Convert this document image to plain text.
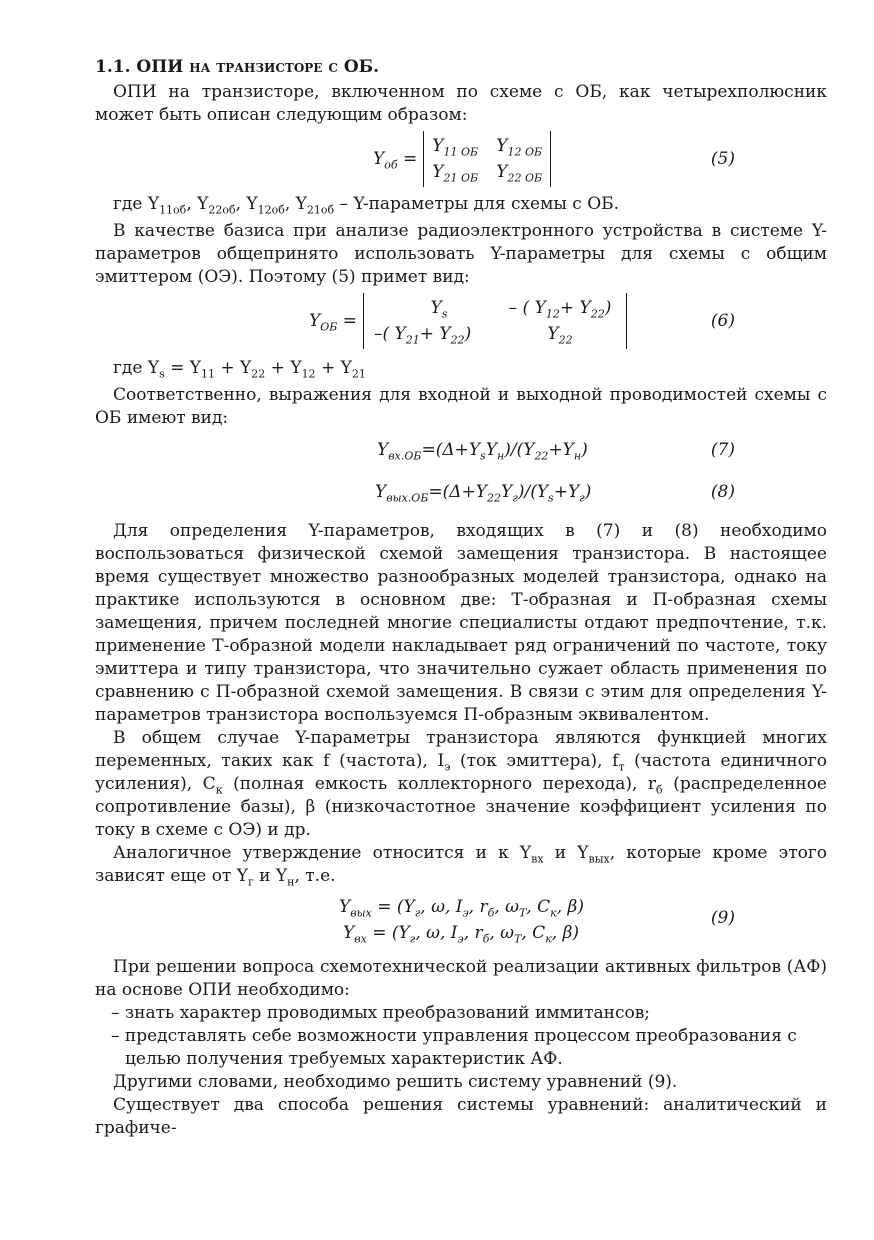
1.1. ОПИ на транзисторе с ОБ.

ОПИ на транзисторе, включенном по схеме с ОБ, как четырехполюсник может быть описан следующим образом:

$Y_{об}$ =
$Y_{11 ОБ}$	$Y_{12 ОБ}$
$Y_{21 ОБ}$	$Y_{22 ОБ}$
(5)

где $Y_{11об}$, $Y_{22об}$, $Y_{12об}$, $Y_{21об}$ – Y-параметры для схемы с ОБ.

В качестве базиса при анализе радиоэлектронного устройства в системе Y-параметров общепринято использовать Y-параметры для схемы с общим эмиттером (ОЭ). Поэтому (5) примет вид:

$Y_{ОБ}$ =
$Y_s$	– ( $Y_{12}+ Y_{22}$)
–( $Y_{21}+ Y_{22}$)	$Y_{22}$
(6)

где $Y_s = Y_{11} + Y_{22} + Y_{12} + Y_{21}$

Соответственно, выражения для входной и выходной проводимостей схемы с ОБ имеют вид:

$Y_{вх.ОБ}=(\Delta+Y_sY_н)/(Y_{22}+Y_н)$	(7)
$Y_{вых.ОБ}=(\Delta+Y_{22}Y_г)/(Y_s+Y_г)$	(8)

Для определения Y-параметров, входящих в (7) и (8) необходимо воспользоваться физической схемой замещения транзистора. В настоящее время существует множество разнообразных моделей транзистора, однако на практике используются в основном две: Т-образная и П-образная схемы замещения, причем последней многие специалисты отдают предпочтение, т.к. применение Т-образной модели накладывает ряд ограничений по частоте, току эмиттера и типу транзистора, что значительно сужает область применения по сравнению с П-образной схемой замещения. В связи с этим для определения Y-параметров транзистора воспользуемся П-образным эквивалентом.

В общем случае Y-параметры транзистора являются функцией многих переменных, таких как f (частота), $I_э$ (ток эмиттера), $f_т$ (частота единичного усиления), $C_к$ (полная емкость коллекторного перехода), $r_б$ (распределенное сопротивление базы), β (низкочастотное значение коэффициент усиления по току в схеме с ОЭ) и др.

Аналогичное утверждение относится и к $Y_{вх}$ и $Y_{вых}$, которые кроме этого зависят еще от $Y_г$ и $Y_н$, т.е.

$Y_{вых} = (Y_г$, ω, $I_э$, $r_б$, $\omega_T$, $C_к$, β)
$Y_{вх} = (Y_г$, ω, $I_э$, $r_б$, $\omega_T$, $C_к$, β)
(9)

При решении вопроса схемотехнической реализации активных фильтров (АФ) на основе ОПИ необходимо:

– знать характер проводимых преобразований иммитансов;
– представлять себе возможности управления процессом преобразования с целью получения требуемых характеристик АФ.

Другими словами, необходимо решить систему уравнений (9).

Существует два способа решения системы уравнений: аналитический и графиче-
